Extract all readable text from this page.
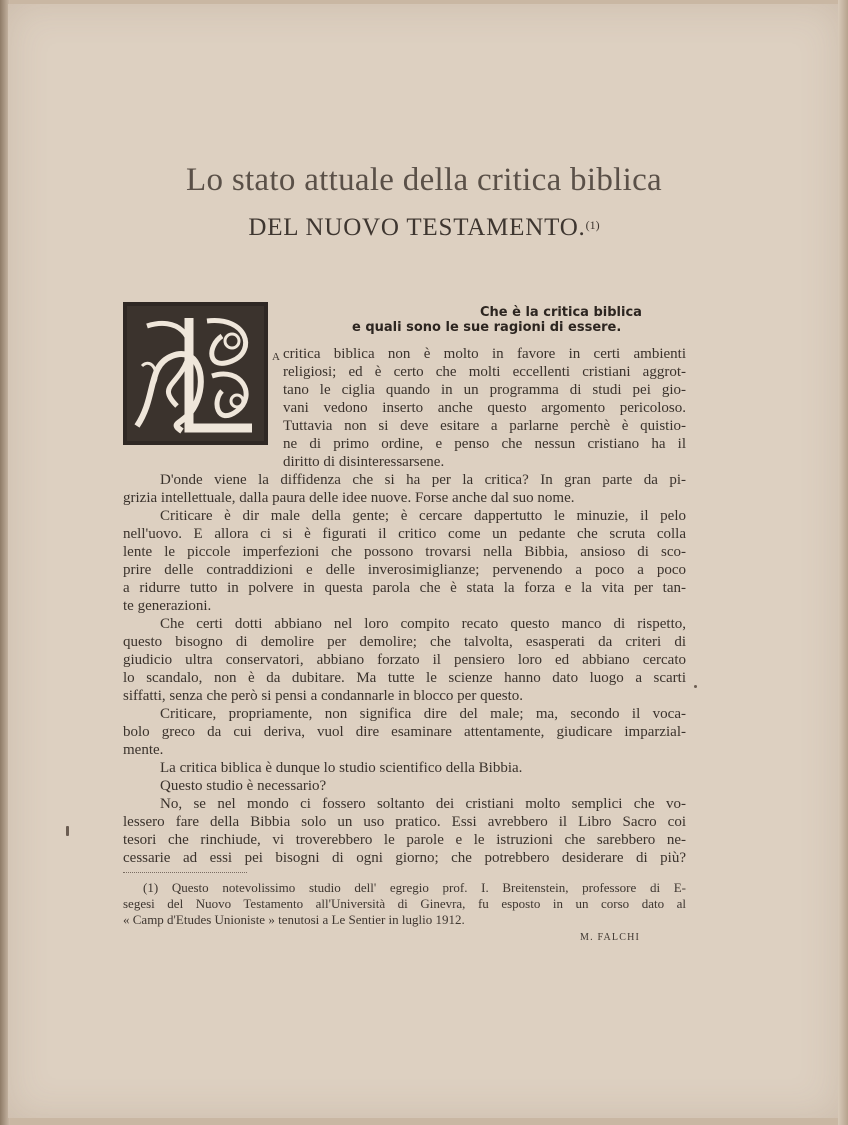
Lo stato attuale della critica biblica
DEL NUOVO TESTAMENTO.$^{(1)}$
Che è la critica biblica
e quali sono le sue ragioni di essere.
A critica biblica non è molto in favore in certi ambienti
religiosi; ed è certo che molti eccellenti cristiani aggrot-
tano le ciglia quando in un programma di studi pei gio-
vani vedono inserto anche questo argomento pericoloso.
Tuttavia non si deve esitare a parlarne perchè è quistio-
ne di primo ordine, e penso che nessun cristiano ha il
diritto di disinteressarsene.
D'onde viene la diffidenza che si ha per la critica? In gran parte da pi-
grizia intellettuale, dalla paura delle idee nuove. Forse anche dal suo nome.
Criticare è dir male della gente; è cercare dappertutto le minuzie, il pelo
nell'uovo. E allora ci si è figurati il critico come un pedante che scruta colla
lente le piccole imperfezioni che possono trovarsi nella Bibbia, ansioso di sco-
prire delle contraddizioni e delle inverosimiglianze; pervenendo a poco a poco
a ridurre tutto in polvere in questa parola che è stata la forza e la vita per tan-
te generazioni.
Che certi dotti abbiano nel loro compito recato questo manco di rispetto,
questo bisogno di demolire per demolire; che talvolta, esasperati da criteri di
giudicio ultra conservatori, abbiano forzato il pensiero loro ed abbiano cercato
lo scandalo, non è da dubitare. Ma tutte le scienze hanno dato luogo a scarti
siffatti, senza che però si pensi a condannarle in blocco per questo.
Criticare, propriamente, non significa dire del male; ma, secondo il voca-
bolo greco da cui deriva, vuol dire esaminare attentamente, giudicare imparzial-
mente.
La critica biblica è dunque lo studio scientifico della Bibbia.
Questo studio è necessario?
No, se nel mondo ci fossero soltanto dei cristiani molto semplici che vo-
lessero fare della Bibbia solo un uso pratico. Essi avrebbero il Libro Sacro coi
tesori che rinchiude, vi troverebbero le parole e le istruzioni che sarebbero ne-
cessarie ad essi pei bisogni di ogni giorno; che potrebbero desiderare di più?
(1) Questo notevolissimo studio dell' egregio prof. I. Breitenstein, professore di E-
segesi del Nuovo Testamento all'Università di Ginevra, fu esposto in un corso dato al
« Camp d'Etudes Unioniste » tenutosi a Le Sentier in luglio 1912.
M. FALCHI
